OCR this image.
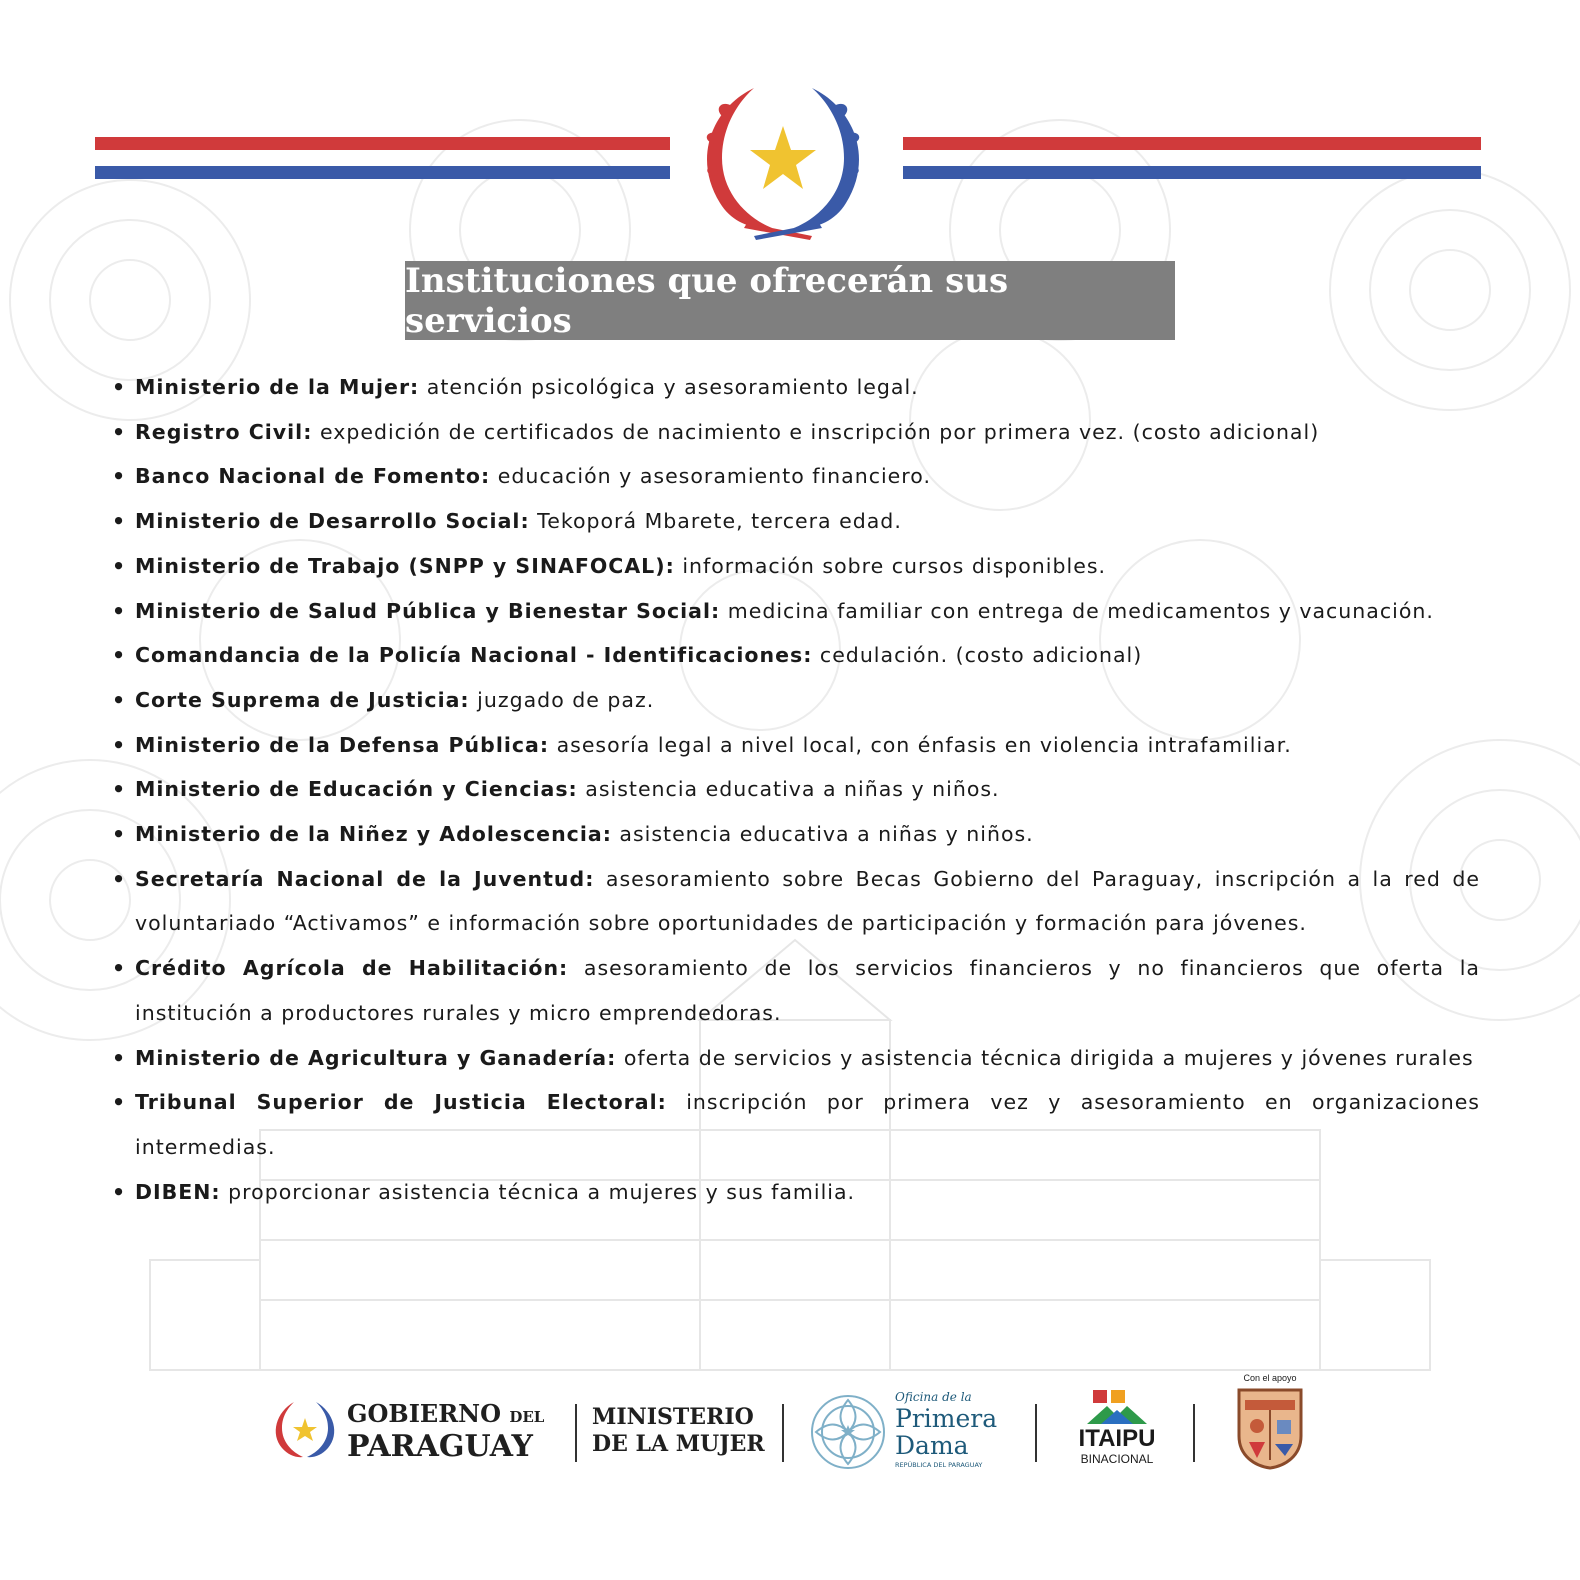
Instituciones que ofrecerán sus servicios
• Ministerio de la Mujer: atención psicológica y asesoramiento legal.
• Registro Civil: expedición de certificados de nacimiento e inscripción por primera vez. (costo adicional)
• Banco Nacional de Fomento: educación y asesoramiento financiero.
• Ministerio de Desarrollo Social: Tekoporá Mbarete, tercera edad.
• Ministerio de Trabajo (SNPP y SINAFOCAL): información sobre cursos disponibles.
• Ministerio de Salud Pública y Bienestar Social: medicina familiar con entrega de medicamentos y vacunación.
• Comandancia de la Policía Nacional - Identificaciones: cedulación. (costo adicional)
• Corte Suprema de Justicia: juzgado de paz.
• Ministerio de la Defensa Pública: asesoría legal a nivel local, con énfasis en violencia intrafamiliar.
• Ministerio de Educación y Ciencias: asistencia educativa a niñas y niños.
• Ministerio de la Niñez y Adolescencia: asistencia educativa a niñas y niños.
• Secretaría Nacional de la Juventud: asesoramiento sobre Becas Gobierno del Paraguay, inscripción a la red de voluntariado “Activamos” e información sobre oportunidades de participación y formación para jóvenes.
• Crédito Agrícola de Habilitación: asesoramiento de los servicios financieros y no financieros que oferta la institución a productores rurales y micro emprendedoras.
• Ministerio de Agricultura y Ganadería: oferta de servicios y asistencia técnica dirigida a mujeres y jóvenes rurales
• Tribunal Superior de Justicia Electoral: inscripción por primera vez y asesoramiento en organizaciones intermedias.
• DIBEN: proporcionar asistencia técnica a mujeres y sus familia.
GOBIERNO DEL
PARAGUAY
MINISTERIO
DE LA MUJER
Oficina de la
Primera
Dama
REPÚBLICA DEL PARAGUAY
ITAIPU
BINACIONAL
Con el apoyo
